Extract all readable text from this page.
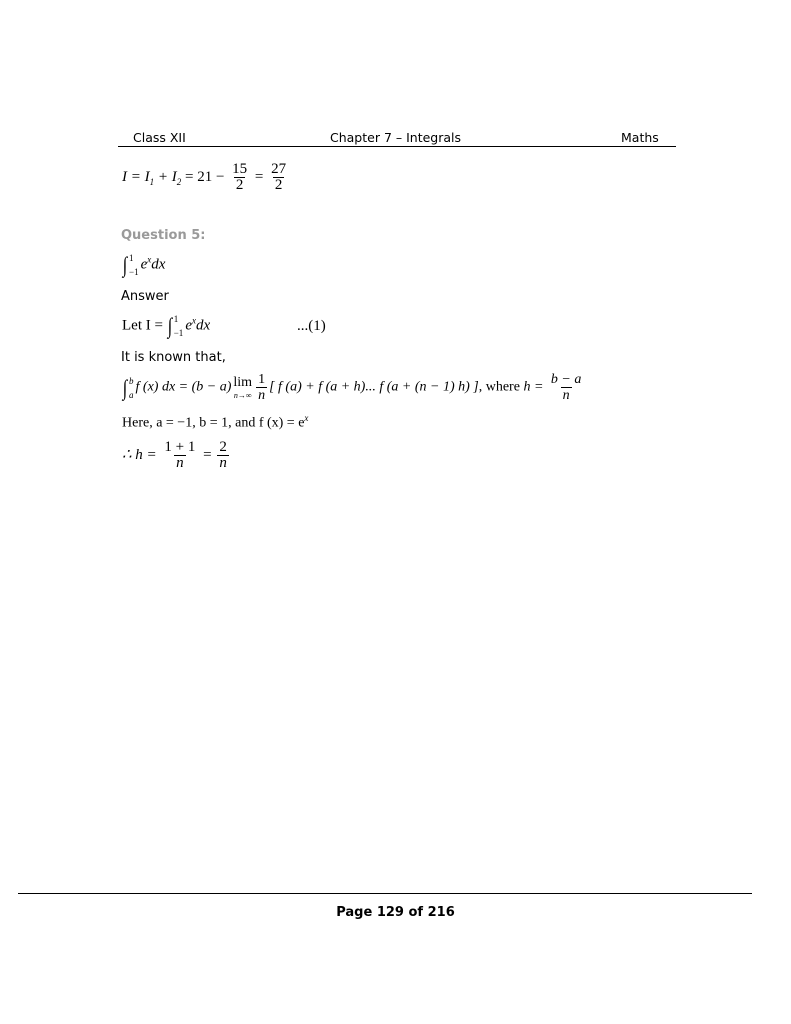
Class XII	Chapter 7 – Integrals	Maths
$I = I_1 + I_2 = 21 - \frac{15}{2} = \frac{27}{2}$
Question 5:
∫ 1
−1 $e^xdx$
Answer
Let I = ∫ 1
−1 $e^xdx$	...(1)
It is known that,
∫ b
a f (x) dx = (b − a) lim
$n\to\infty \frac{1}{n}$ [ f (a) + f (a + h)... f (a + (n − 1) h) ], where $h = \frac{b - a}{n}$
Here, a = −1, b = 1, and f $(x) = e^x$
∴ $h = \frac{1 + 1}{n} = \frac{2}{n}$
Page 129 of 216
